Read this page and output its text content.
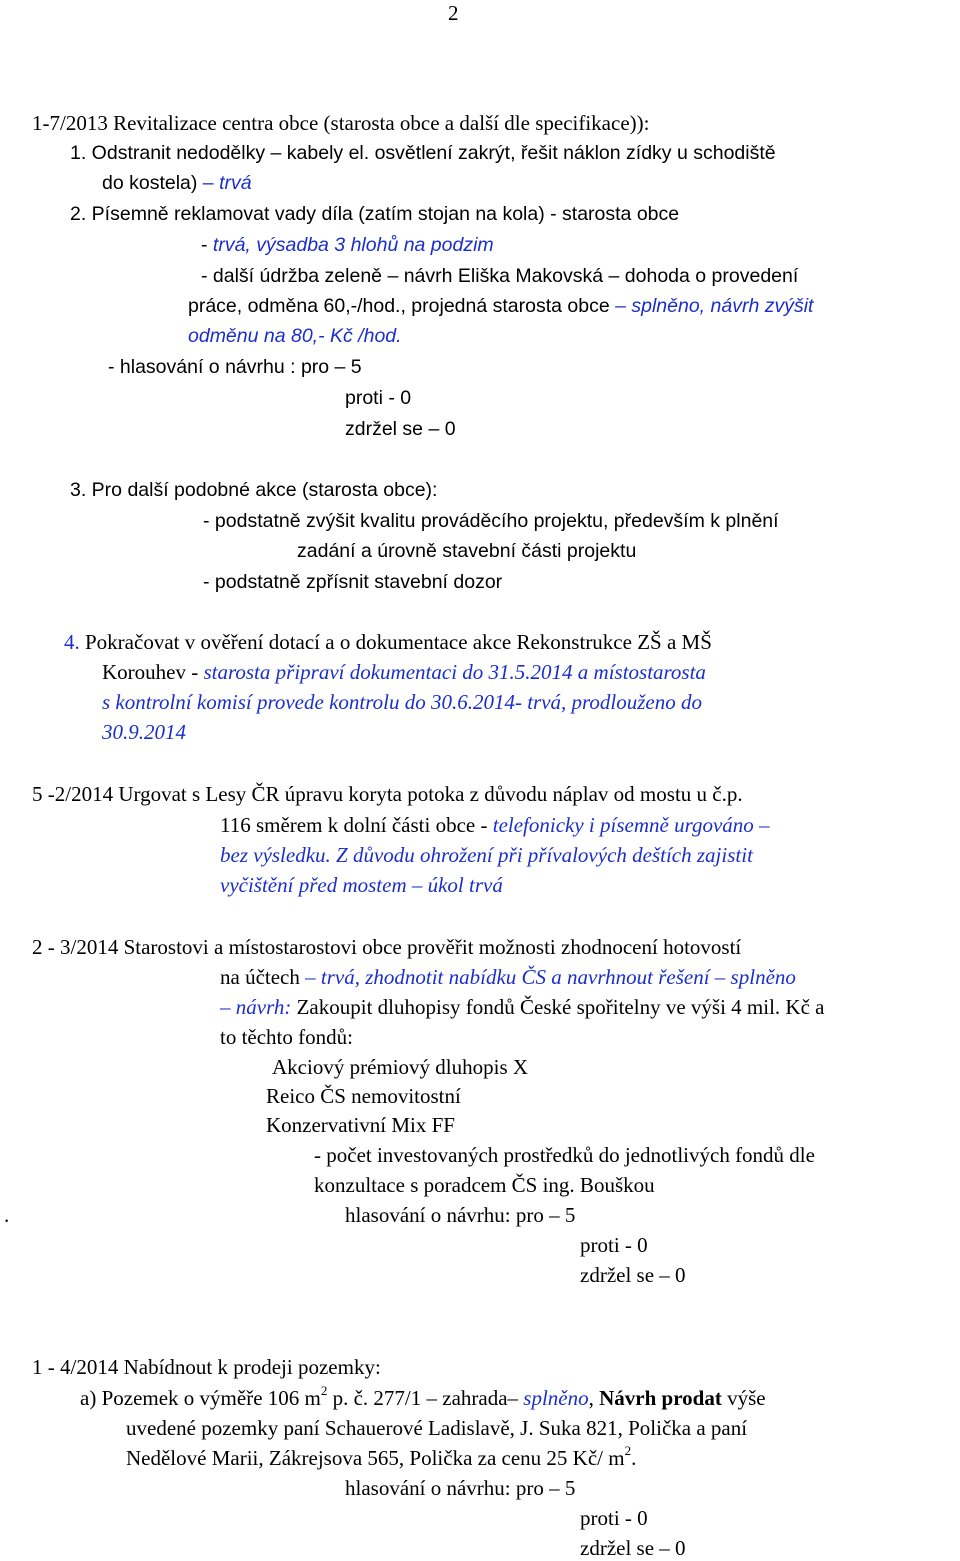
2
1-7/2013 Revitalizace centra obce (starosta obce a další dle specifikace)):
1. Odstranit nedodělky – kabely el. osvětlení zakrýt, řešit náklon zídky u schodiště
do kostela) – trvá
2. Písemně reklamovat vady díla (zatím stojan na kola) - starosta obce
- trvá, výsadba 3 hlohů na podzim
- další údržba zeleně – návrh Eliška Makovská – dohoda o provedení
práce, odměna 60,-/hod., projedná starosta obce – splněno, návrh zvýšit
odměnu na 80,- Kč /hod.
- hlasování o návrhu : pro – 5
proti - 0
zdržel se – 0
3. Pro další podobné akce (starosta obce):
- podstatně zvýšit kvalitu prováděcího projektu, především k plnění
zadání a úrovně stavební části projektu
- podstatně zpřísnit stavební dozor
4. Pokračovat v ověření dotací a o dokumentace akce Rekonstrukce ZŠ a MŠ
Korouhev - starosta připraví dokumentaci do 31.5.2014 a místostarosta
s kontrolní komisí provede kontrolu do 30.6.2014- trvá, prodlouženo do
30.9.2014
5 -2/2014 Urgovat s Lesy ČR úpravu koryta potoka z důvodu náplav od mostu u č.p.
116 směrem k dolní části obce - telefonicky i písemně urgováno –
bez výsledku. Z důvodu ohrožení při přívalových deštích zajistit
vyčištění před mostem – úkol trvá
2 - 3/2014 Starostovi a místostarostovi obce prověřit možnosti zhodnocení hotovostí
na účtech – trvá, zhodnotit nabídku ČS a navrhnout řešení – splněno
– návrh: Zakoupit dluhopisy fondů České spořitelny ve výši 4 mil. Kč a
to těchto fondů:
Akciový prémiový dluhopis X
Reico ČS nemovitostní
Konzervativní Mix FF
- počet investovaných prostředků do jednotlivých fondů dle
konzultace s poradcem ČS ing. Bouškou
.	hlasování o návrhu: pro – 5
proti - 0
zdržel se – 0
1 - 4/2014 Nabídnout k prodeji pozemky:
a) Pozemek o výměře 106 $m^2$ p. č. 277/1 – zahrada– splněno, Návrh prodat výše
uvedené pozemky paní Schauerové Ladislavě, J. Suka 821, Polička a paní
Nedělové Marii, Zákrejsova 565, Polička za cenu 25 Kč/ $m^2$.
hlasování o návrhu: pro – 5
proti - 0
zdržel se – 0
